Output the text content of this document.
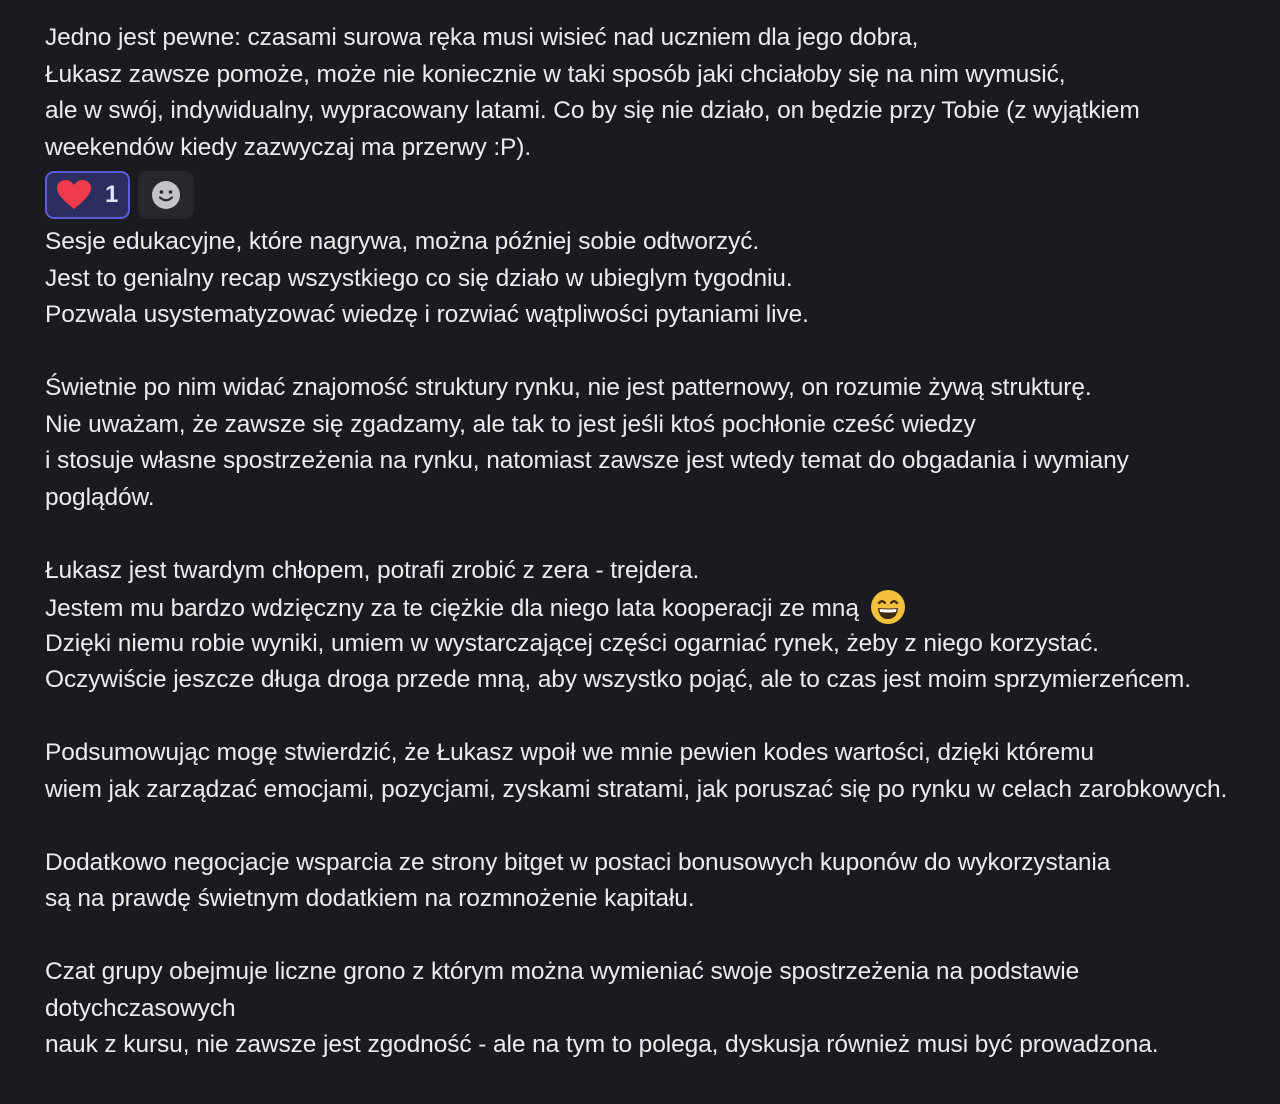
Jedno jest pewne: czasami surowa ręka musi wisieć nad uczniem dla jego dobra,
Łukasz zawsze pomoże, może nie koniecznie w taki sposób jaki chciałoby się na nim wymusić,
ale w swój, indywidualny, wypracowany latami. Co by się nie działo, on będzie przy Tobie (z wyjątkiem
weekendów kiedy zazwyczaj ma przerwy :P).
1
Sesje edukacyjne, które nagrywa, można później sobie odtworzyć.
Jest to genialny recap wszystkiego co się działo w ubieglym tygodniu.
Pozwala usystematyzować wiedzę i rozwiać wątpliwości pytaniami live.
Świetnie po nim widać znajomość struktury rynku, nie jest patternowy, on rozumie żywą strukturę.
Nie uważam, że zawsze się zgadzamy, ale tak to jest jeśli ktoś pochłonie cześć wiedzy
i stosuje własne spostrzeżenia na rynku, natomiast zawsze jest wtedy temat do obgadania i wymiany
poglądów.
Łukasz jest twardym chłopem, potrafi zrobić z zera - trejdera.
Jestem mu bardzo wdzięczny za te ciężkie dla niego lata kooperacji ze mną
Dzięki niemu robie wyniki, umiem w wystarczającej części ogarniać rynek, żeby z niego korzystać.
Oczywiście jeszcze długa droga przede mną, aby wszystko pojąć, ale to czas jest moim sprzymierzeńcem.
Podsumowując mogę stwierdzić, że Łukasz wpoił we mnie pewien kodes wartości, dzięki któremu
wiem jak zarządzać emocjami, pozycjami, zyskami stratami, jak poruszać się po rynku w celach zarobkowych.
Dodatkowo negocjacje wsparcia ze strony bitget w postaci bonusowych kuponów do wykorzystania
są na prawdę świetnym dodatkiem na rozmnożenie kapitału.
Czat grupy obejmuje liczne grono z którym można wymieniać swoje spostrzeżenia na podstawie
dotychczasowych
nauk z kursu, nie zawsze jest zgodność - ale na tym to polega, dyskusja również musi być prowadzona.
